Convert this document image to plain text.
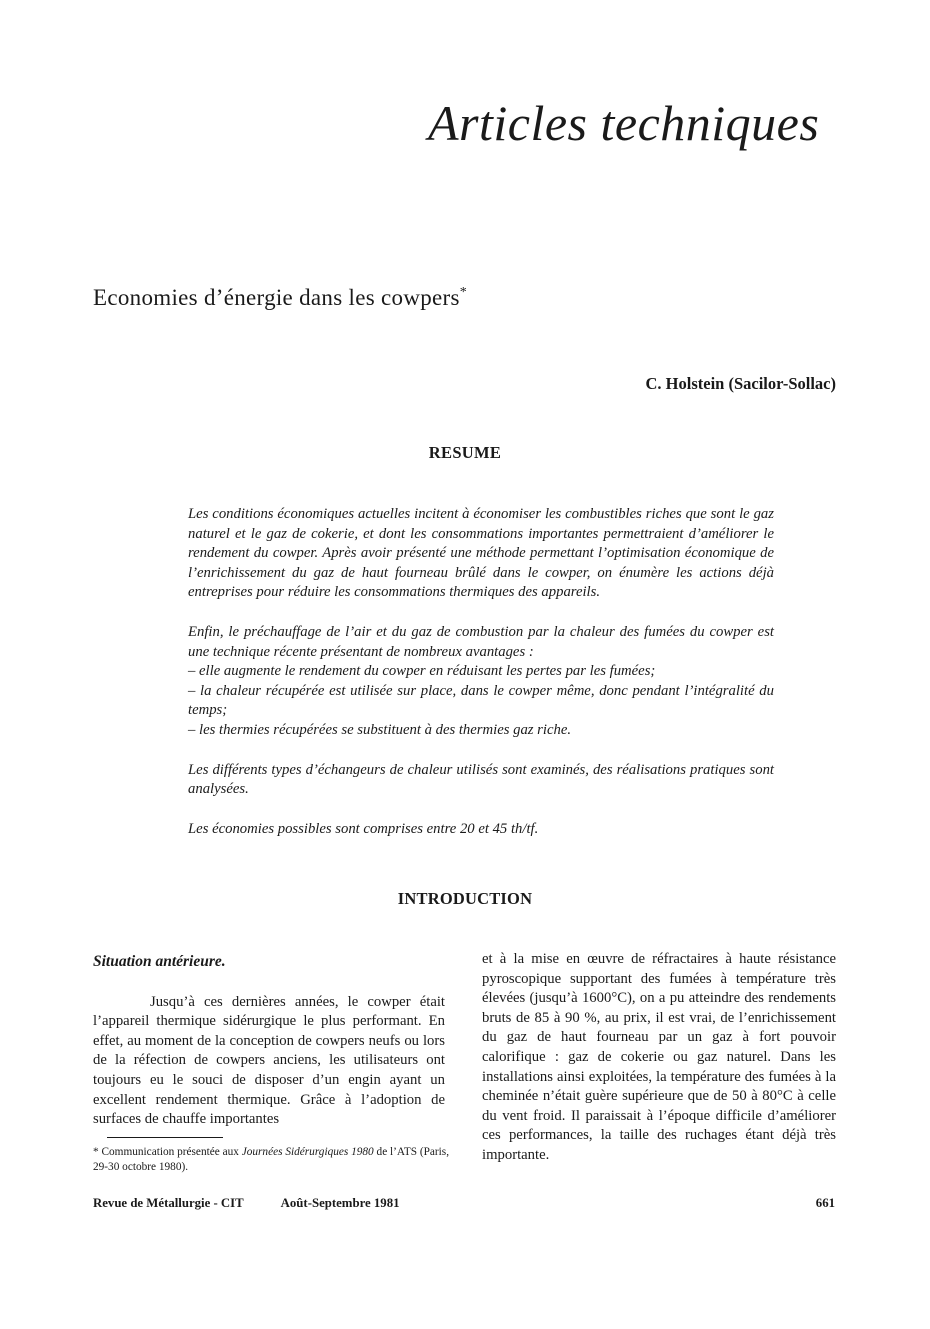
Articles techniques
Economies d’énergie dans les cowpers*
C. Holstein (Sacilor-Sollac)
RESUME

Les conditions économiques actuelles incitent à économiser les combustibles riches que sont le gaz naturel et le gaz de cokerie, et dont les consommations importantes permettraient d’améliorer le rendement du cowper. Après avoir présenté une méthode permettant l’optimisation économique de l’enrichissement du gaz de haut fourneau brûlé dans le cowper, on énumère les actions déjà entreprises pour réduire les consommations thermiques des appareils.

Enfin, le préchauffage de l’air et du gaz de combustion par la chaleur des fumées du cowper est une technique récente présentant de nombreux avantages :
– elle augmente le rendement du cowper en réduisant les pertes par les fumées;
– la chaleur récupérée est utilisée sur place, dans le cowper même, donc pendant l’intégralité du temps;
– les thermies récupérées se substituent à des thermies gaz riche.

Les différents types d’échangeurs de chaleur utilisés sont examinés, des réalisations pratiques sont analysées.

Les économies possibles sont comprises entre 20 et 45 th/tf.

INTRODUCTION
Situation antérieure.

Jusqu’à ces dernières années, le cowper était l’appareil thermique sidérurgique le plus performant. En effet, au moment de la conception de cowpers neufs ou lors de la réfection de cowpers anciens, les utilisateurs ont toujours eu le souci de disposer d’un engin ayant un excellent rendement thermique. Grâce à l’adoption de surfaces de chauffe importantes

et à la mise en œuvre de réfractaires à haute résistance pyroscopique supportant des fumées à température très élevées (jusqu’à 1600°C), on a pu atteindre des rendements bruts de 85 à 90 %, au prix, il est vrai, de l’enrichissement du gaz de haut fourneau par un gaz à fort pouvoir calorifique : gaz de cokerie ou gaz naturel. Dans les installations ainsi exploitées, la température des fumées à la cheminée n’était guère supérieure que de 50 à 80°C à celle du vent froid. Il paraissait à l’époque difficile d’améliorer ces performances, la taille des ruchages étant déjà très importante.

* Communication présentée aux Journées Sidérurgiques 1980 de l’ATS (Paris, 29-30 octobre 1980).
Revue de Métallurgie - CIT	Août-Septembre 1981	661
